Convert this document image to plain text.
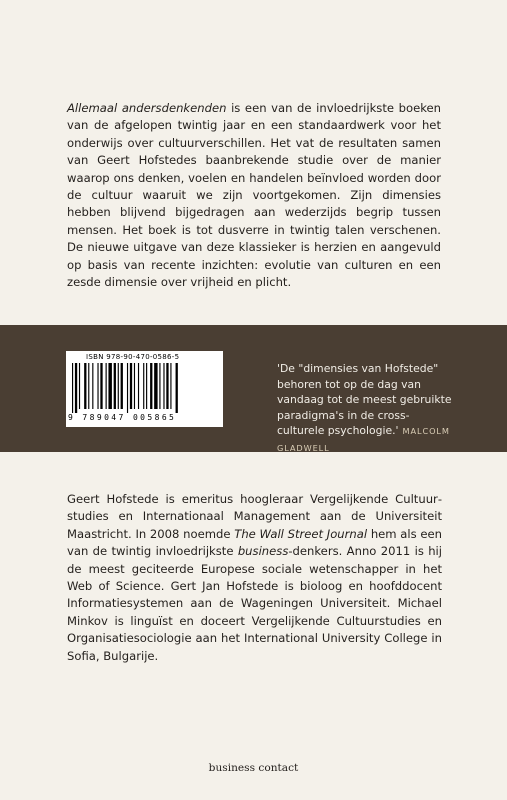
Allemaal andersdenkenden is een van de invloedrijkste boeken van de afgelopen twintig jaar en een standaardwerk voor het onderwijs over cultuurverschillen. Het vat de resultaten samen van Geert Hofstedes baanbrekende studie over de manier waarop ons denken, voelen en handelen beïnvloed worden door de cultuur waaruit we zijn voortgekomen. Zijn dimensies hebben blijvend bijgedragen aan wederzijds begrip tussen mensen. Het boek is tot dusverre in twintig talen verschenen. De nieuwe uitgave van deze klassieker is herzien en aangevuld op basis van recente inzichten: evolutie van culturen en een zesde dimensie over vrijheid en plicht.
ISBN 978-90-470-0586-5
9 789047 005865
'De "dimensies van Hofstede" behoren tot op de dag van vandaag tot de meest gebruikte paradigma's in de cross-culturele psychologie.' MALCOLM GLADWELL
Geert Hofstede is emeritus hoogleraar Vergelijkende Cultuurstudies en Internationaal Management aan de Universiteit Maastricht. In 2008 noemde The Wall Street Journal hem als een van de twintig invloedrijkste business-denkers. Anno 2011 is hij de meest geciteerde Europese sociale wetenschapper in het Web of Science. Gert Jan Hofstede is bioloog en hoofddocent Informatiesystemen aan de Wageningen Universiteit. Michael Minkov is linguïst en doceert Vergelijkende Cultuurstudies en Organisatiesociologie aan het International University College in Sofia, Bulgarije.
business contact
